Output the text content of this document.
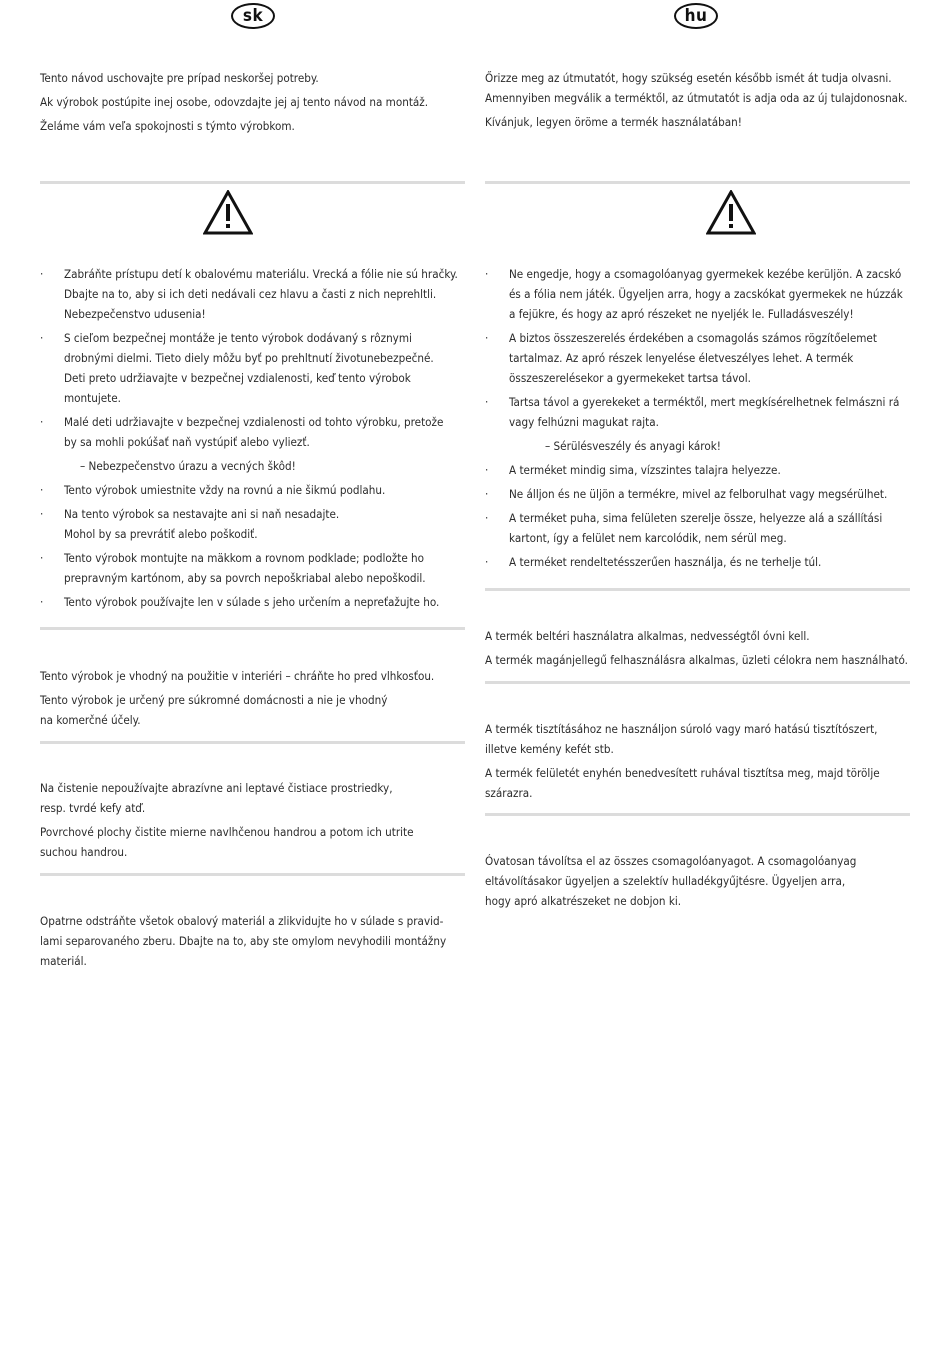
sk

Tento návod uschovajte pre prípad neskoršej potreby.

Ak výrobok postúpite inej osobe, odovzdajte jej aj tento návod na montáž.

Želáme vám veľa spokojnosti s týmto výrobkom.

· Zabráňte prístupu detí k obalovému materiálu. Vrecká a fólie nie sú hračky.
Dbajte na to, aby si ich deti nedávali cez hlavu a časti z nich neprehltli.
Nebezpečenstvo udusenia!
· S cieľom bezpečnej montáže je tento výrobok dodávaný s rôznymi
drobnými dielmi. Tieto diely môžu byť po prehltnutí životunebezpečné.
Deti preto udržiavajte v bezpečnej vzdialenosti, keď tento výrobok
montujete.
· Malé deti udržiavajte v bezpečnej vzdialenosti od tohto výrobku, pretože
by sa mohli pokúšať naň vystúpiť alebo vyliezť.
– Nebezpečenstvo úrazu a vecných škôd!
· Tento výrobok umiestnite vždy na rovnú a nie šikmú podlahu.
· Na tento výrobok sa nestavajte ani si naň nesadajte.
Mohol by sa prevrátiť alebo poškodiť.
· Tento výrobok montujte na mäkkom a rovnom podklade; podložte ho
prepravným kartónom, aby sa povrch nepoškriabal alebo nepoškodil.
· Tento výrobok používajte len v súlade s jeho určením a nepreťažujte ho.

Tento výrobok je vhodný na použitie v interiéri – chráňte ho pred vlhkosťou.

Tento výrobok je určený pre súkromné domácnosti a nie je vhodný

na komerčné účely.

Na čistenie nepoužívajte abrazívne ani leptavé čistiace prostriedky,

resp. tvrdé kefy atď.

Povrchové plochy čistite mierne navlhčenou handrou a potom ich utrite

suchou handrou.

Opatrne odstráňte všetok obalový materiál a zlikvidujte ho v súlade s pravid-

lami separovaného zberu. Dbajte na to, aby ste omylom nevyhodili montážny

materiál.

hu

Őrizze meg az útmutatót, hogy szükség esetén később ismét át tudja olvasni.

Amennyiben megválik a terméktől, az útmutatót is adja oda az új tulajdonosnak.

Kívánjuk, legyen öröme a termék használatában!

· Ne engedje, hogy a csomagolóanyag gyermekek kezébe kerüljön. A zacskó
és a fólia nem játék. Ügyeljen arra, hogy a zacskókat gyermekek ne húzzák
a fejükre, és hogy az apró részeket ne nyeljék le. Fulladásveszély!
· A biztos összeszerelés érdekében a csomagolás számos rögzítőelemet
tartalmaz. Az apró részek lenyelése életveszélyes lehet. A termék
összeszerelésekor a gyermekeket tartsa távol.
· Tartsa távol a gyerekeket a terméktől, mert megkísérelhetnek felmászni rá
vagy felhúzni magukat rajta.
– Sérülésveszély és anyagi károk!
· A terméket mindig sima, vízszintes talajra helyezze.
· Ne álljon és ne üljön a termékre, mivel az felborulhat vagy megsérülhet.
· A terméket puha, sima felületen szerelje össze, helyezze alá a szállítási
kartont, így a felület nem karcolódik, nem sérül meg.
· A terméket rendeltetésszerűen használja, és ne terhelje túl.

A termék beltéri használatra alkalmas, nedvességtől óvni kell.

A termék magánjellegű felhasználásra alkalmas, üzleti célokra nem használható.

A termék tisztításához ne használjon súroló vagy maró hatású tisztítószert,

illetve kemény kefét stb.

A termék felületét enyhén benedvesített ruhával tisztítsa meg, majd törölje

szárazra.

Óvatosan távolítsa el az összes csomagolóanyagot. A csomagolóanyag

eltávolításakor ügyeljen a szelektív hulladékgyűjtésre. Ügyeljen arra,

hogy apró alkatrészeket ne dobjon ki.
